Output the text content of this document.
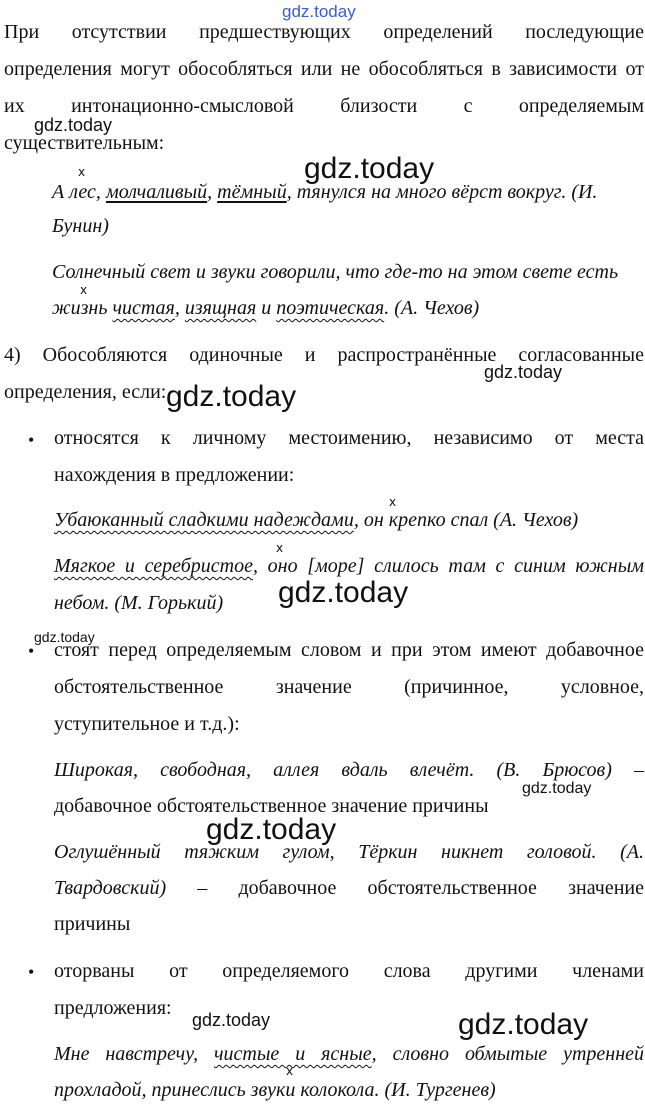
При отсутствии предшествующих определений последующие
определения могут обособляться или не обособляться в зависимости от
их интонационно-смысловой близости с определяемым
существительным:
x
А лес, молчаливый, тёмный, тянулся на много вёрст вокруг. (И.
Бунин)
Солнечный свет и звуки говорили, что где-то на этом свете есть
x
жизнь чистая, изящная и поэтическая. (А. Чехов)
4) Обособляются одиночные и распространённые согласованные
определения, если:
• относятся к личному местоимению, независимо от места
нахождения в предложении:
x
Убаюканный сладкими надеждами, он крепко спал (А. Чехов)
x
Мягкое и серебристое, оно [море] слилось там с синим южным
небом. (М. Горький)
• стоят перед определяемым словом и при этом имеют добавочное
обстоятельственное значение (причинное, условное,
уступительное и т.д.):
Широкая, свободная, аллея вдаль влечёт. (В. Брюсов) –
добавочное обстоятельственное значение причины
Оглушённый тяжким гулом, Тёркин никнет головой. (А.
Твардовский) – добавочное обстоятельственное значение
причины
• оторваны от определяемого слова другими членами
предложения:
Мне навстречу, чистые и ясные, словно обмытые утренней
x
прохладой, принеслись звуки колокола. (И. Тургенев)
gdz.today
gdz.today
gdz.today
gdz.today
gdz.today
gdz.today
gdz.today
gdz.today
gdz.today
gdz.today	gdz.today
